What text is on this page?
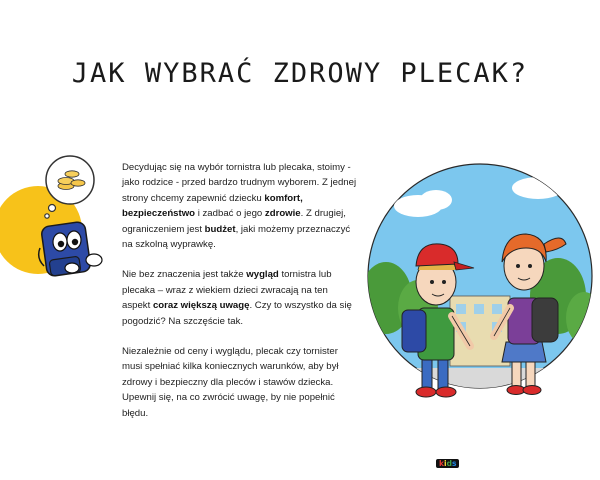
JAK WYBRAĆ ZDROWY PLECAK?

Decydując się na wybór tornistra lub plecaka, stoimy - jako rodzice - przed bardzo trudnym wyborem. Z jednej strony chcemy zapewnić dziecku komfort, bezpieczeństwo i zadbać o jego zdrowie. Z drugiej, ograniczeniem jest budżet, jaki możemy przeznaczyć na szkolną wyprawkę.

Nie bez znaczenia jest także wygląd tornistra lub plecaka – wraz z wiekiem dzieci zwracają na ten aspekt coraz większą uwagę. Czy to wszystko da się pogodzić? Na szczęście tak.

Niezależnie od ceny i wyglądu, plecak czy tornister musi spełniać kilka koniecznych warunków, aby był zdrowy i bezpieczny dla pleców i stawów dziecka. Upewnij się, na co zwrócić uwagę, by nie popełnić błędu.

LOOZZ
kids
LOOZZ
